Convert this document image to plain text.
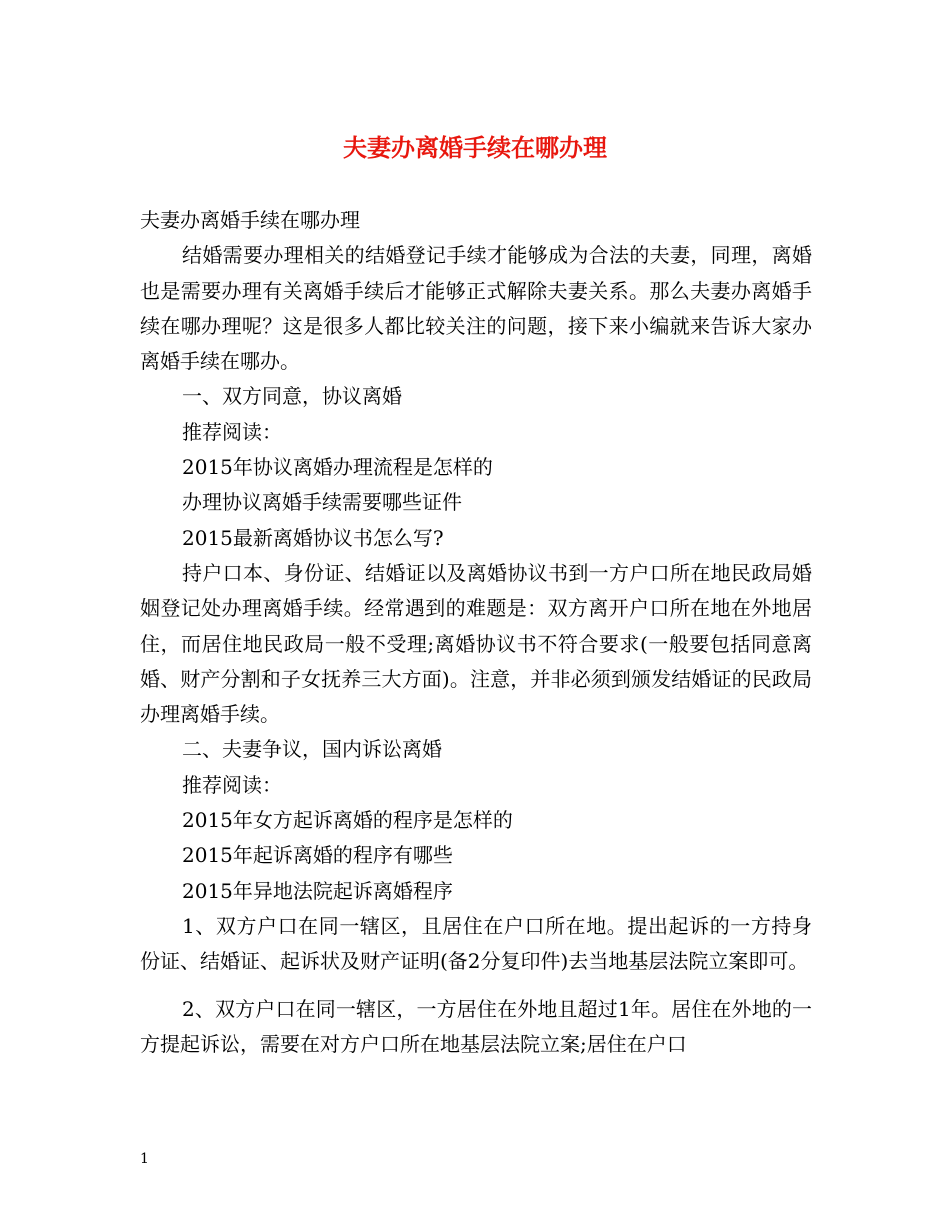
夫妻办离婚手续在哪办理

夫妻办离婚手续在哪办理

结婚需要办理相关的结婚登记手续才能够成为合法的夫妻，同理，离婚也是需要办理有关离婚手续后才能够正式解除夫妻关系。那么夫妻办离婚手续在哪办理呢？这是很多人都比较关注的问题，接下来小编就来告诉大家办离婚手续在哪办。

一、双方同意，协议离婚

推荐阅读：

2015年协议离婚办理流程是怎样的

办理协议离婚手续需要哪些证件

2015最新离婚协议书怎么写?

持户口本、身份证、结婚证以及离婚协议书到一方户口所在地民政局婚姻登记处办理离婚手续。经常遇到的难题是：双方离开户口所在地在外地居住，而居住地民政局一般不受理;离婚协议书不符合要求(一般要包括同意离婚、财产分割和子女抚养三大方面)。注意，并非必须到颁发结婚证的民政局办理离婚手续。

二、夫妻争议，国内诉讼离婚

推荐阅读：

2015年女方起诉离婚的程序是怎样的

2015年起诉离婚的程序有哪些

2015年异地法院起诉离婚程序

1、双方户口在同一辖区，且居住在户口所在地。提出起诉的一方持身份证、结婚证、起诉状及财产证明(备2分复印件)去当地基层法院立案即可。

2、双方户口在同一辖区，一方居住在外地且超过1年。居住在外地的一方提起诉讼，需要在对方户口所在地基层法院立案;居住在户口

1
